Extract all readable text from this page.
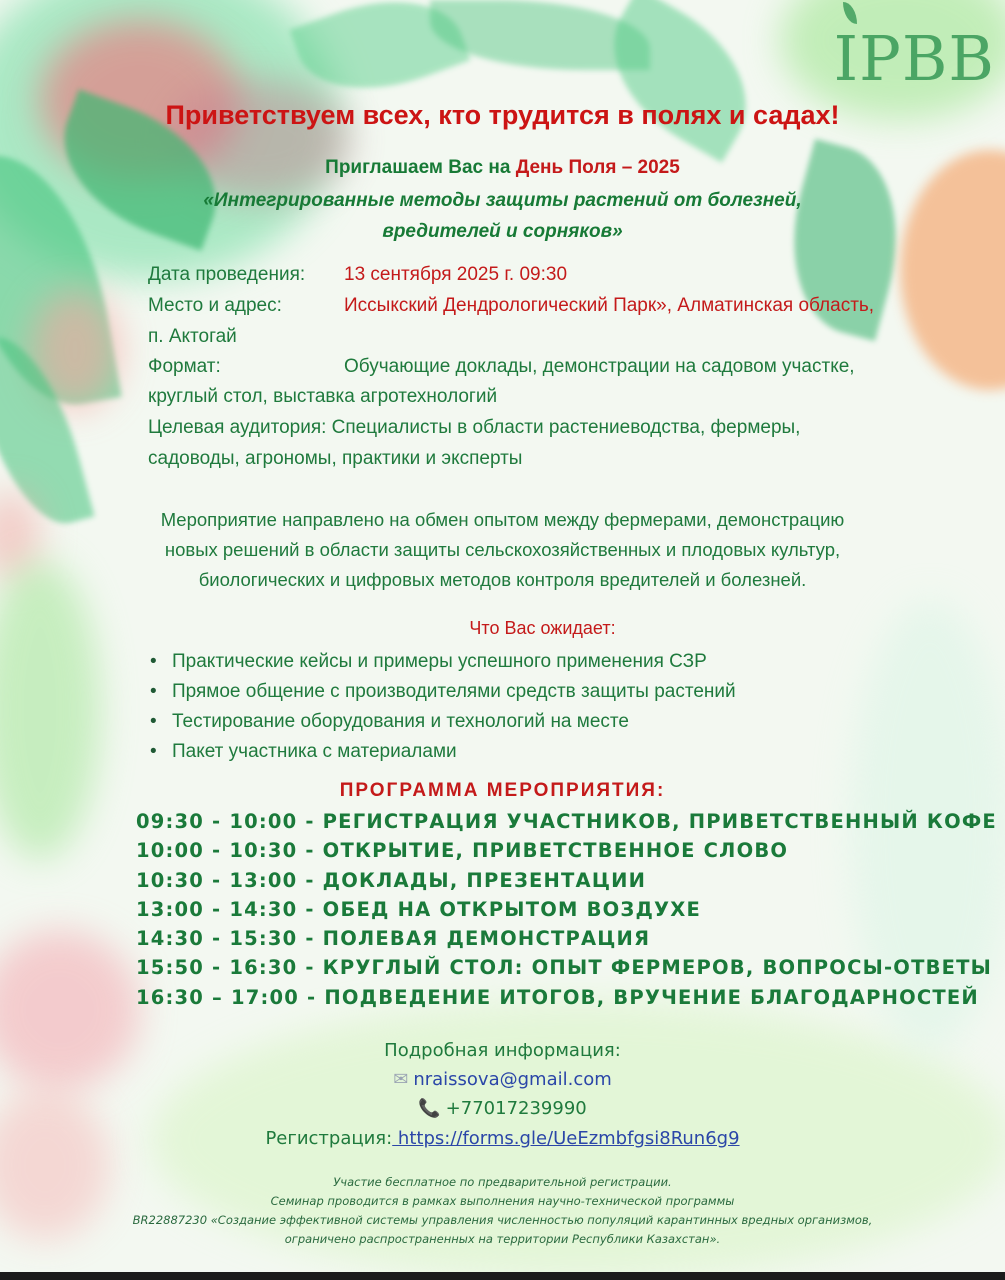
IPBB
Приветствуем всех, кто трудится в полях и садах!
Приглашаем Вас на День Поля – 2025
«Интегрированные методы защиты растений от болезней,
вредителей и сорняков»
Дата проведения: 13 сентября 2025 г. 09:30
Место и адрес:	Иссыкский Дендрологический Парк», Алматинская область,
п. Актогай
Формат:	Обучающие доклады, демонстрации на садовом участке,
круглый стол, выставка агротехнологий
Целевая аудитория: Специалисты в области растениеводства, фермеры,
садоводы, агрономы, практики и эксперты
Мероприятие направлено на обмен опытом между фермерами, демонстрацию
новых решений в области защиты сельскохозяйственных и плодовых культур,
биологических и цифровых методов контроля вредителей и болезней.
Что Вас ожидает:
• Практические кейсы и примеры успешного применения СЗР
• Прямое общение с производителями средств защиты растений
• Тестирование оборудования и технологий на месте
• Пакет участника с материалами
ПРОГРАММА МЕРОПРИЯТИЯ:
09:30 - 10:00 - РЕГИСТРАЦИЯ УЧАСТНИКОВ, ПРИВЕТСТВЕННЫЙ КОФЕ
10:00 - 10:30 - ОТКРЫТИЕ, ПРИВЕТСТВЕННОЕ СЛОВО
10:30 - 13:00 - ДОКЛАДЫ, ПРЕЗЕНТАЦИИ
13:00 - 14:30 - ОБЕД НА ОТКРЫТОМ ВОЗДУХЕ
14:30 - 15:30 - ПОЛЕВАЯ ДЕМОНСТРАЦИЯ
15:50 - 16:30 - КРУГЛЫЙ СТОЛ: ОПЫТ ФЕРМЕРОВ, ВОПРОСЫ-ОТВЕТЫ
16:30 – 17:00 - ПОДВЕДЕНИЕ ИТОГОВ, ВРУЧЕНИЕ БЛАГОДАРНОСТЕЙ
Подробная информация:
✉ nraissova@gmail.com
📞 +77017239990
Регистрация: https://forms.gle/UeEzmbfgsi8Run6g9
Участие бесплатное по предварительной регистрации.
Семинар проводится в рамках выполнения научно-технической программы
BR22887230 «Создание эффективной системы управления численностью популяций карантинных вредных организмов,
ограничено распространенных на территории Республики Казахстан».
